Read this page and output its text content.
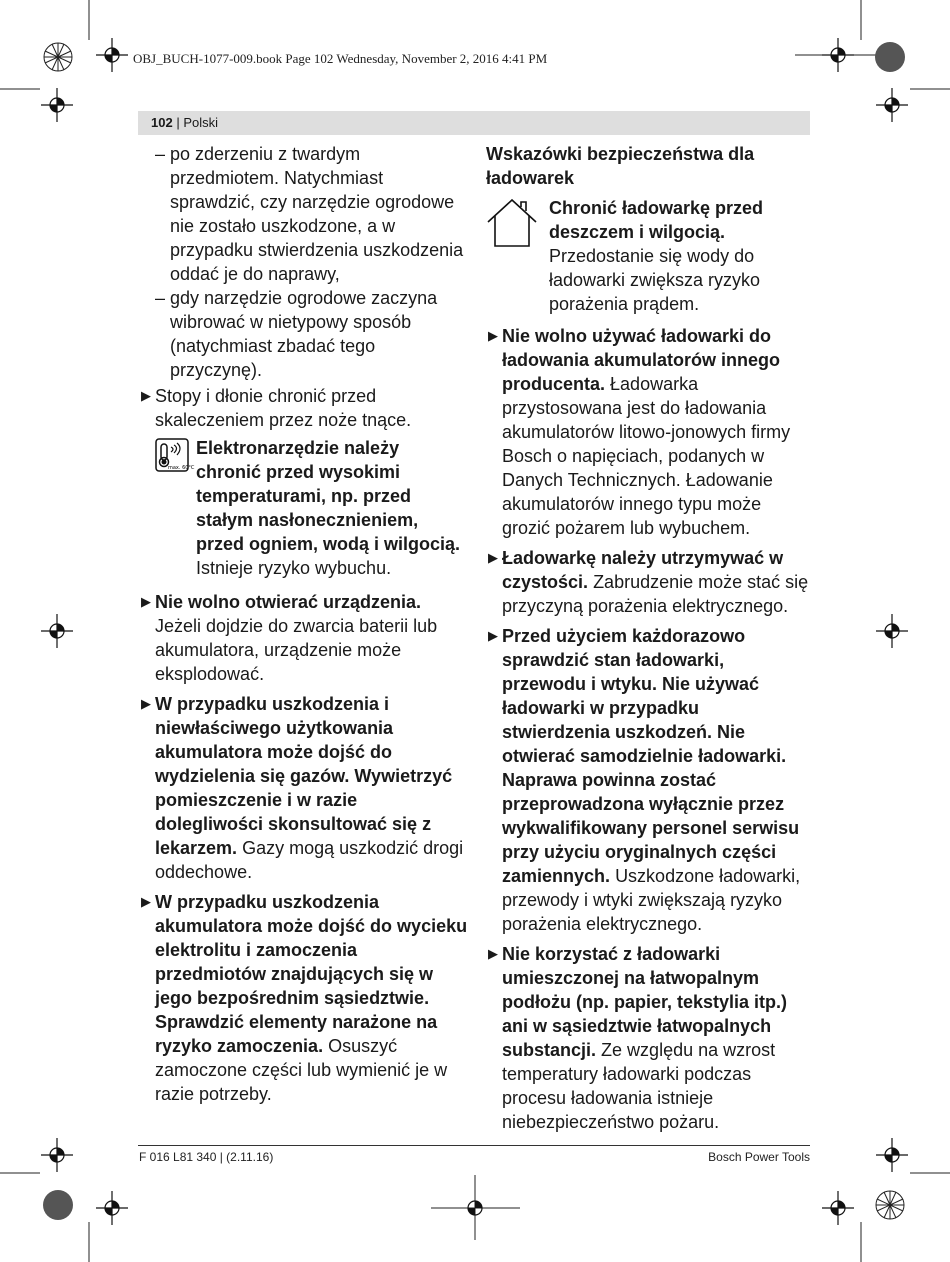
OBJ_BUCH-1077-009.book Page 102 Wednesday, November 2, 2016 4:41 PM
102 | Polski

– po zderzeniu z twardym przedmiotem. Natychmiast sprawdzić, czy narzędzie ogrodowe nie zostało uszkodzone, a w przypadku stwierdzenia uszkodzenia oddać je do naprawy,

– gdy narzędzie ogrodowe zaczyna wibrować w nietypowy sposób (natychmiast zbadać tego przyczynę).

▶ Stopy i dłonie chronić przed skaleczeniem przez noże tnące.

max. 60°C

Elektronarzędzie należy chronić przed wysokimi temperaturami, np. przed stałym nasłonecznieniem, przed ogniem, wodą i wilgocią. Istnieje ryzyko wybuchu.

▶ Nie wolno otwierać urządzenia. Jeżeli dojdzie do zwarcia baterii lub akumulatora, urządzenie może eksplodować.

▶ W przypadku uszkodzenia i niewłaściwego użytkowania akumulatora może dojść do wydzielenia się gazów. Wywietrzyć pomieszczenie i w razie dolegliwości skonsultować się z lekarzem. Gazy mogą uszkodzić drogi oddechowe.

▶ W przypadku uszkodzenia akumulatora może dojść do wycieku elektrolitu i zamoczenia przedmiotów znajdujących się w jego bezpośrednim sąsiedztwie. Sprawdzić elementy narażone na ryzyko zamoczenia. Osuszyć zamoczone części lub wymienić je w razie potrzeby.

Wskazówki bezpieczeństwa dla ładowarek

Chronić ładowarkę przed deszczem i wilgocią. Przedostanie się wody do ładowarki zwiększa ryzyko porażenia prądem.

▶ Nie wolno używać ładowarki do ładowania akumulatorów innego producenta. Ładowarka przystosowana jest do ładowania akumulatorów litowo-jonowych firmy Bosch o napięciach, podanych w Danych Technicznych. Ładowanie akumulatorów innego typu może grozić pożarem lub wybuchem.

▶ Ładowarkę należy utrzymywać w czystości. Zabrudzenie może stać się przyczyną porażenia elektrycznego.

▶ Przed użyciem każdorazowo sprawdzić stan ładowarki, przewodu i wtyku. Nie używać ładowarki w przypadku stwierdzenia uszkodzeń. Nie otwierać samodzielnie ładowarki. Naprawa powinna zostać przeprowadzona wyłącznie przez wykwalifikowany personel serwisu przy użyciu oryginalnych części zamiennych. Uszkodzone ładowarki, przewody i wtyki zwiększają ryzyko porażenia elektrycznego.

▶ Nie korzystać z ładowarki umieszczonej na łatwopalnym podłożu (np. papier, tekstylia itp.) ani w sąsiedztwie łatwopalnych substancji. Ze względu na wzrost temperatury ładowarki podczas procesu ładowania istnieje niebezpieczeństwo pożaru.

F 016 L81 340 | (2.11.16)	Bosch Power Tools
